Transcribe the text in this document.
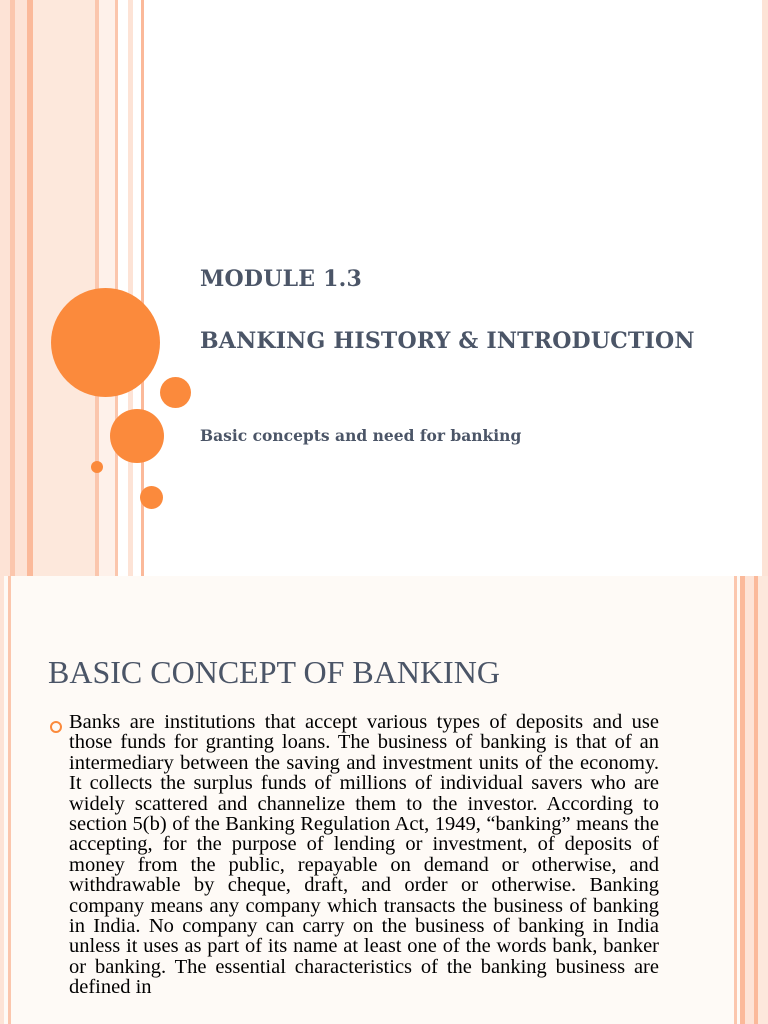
MODULE 1.3
BANKING HISTORY & INTRODUCTION

Basic concepts and need for banking

BASIC CONCEPT OF BANKING

Banks are institutions that accept various types of deposits and use those funds for granting loans. The business of banking is that of an intermediary between the saving and investment units of the economy. It collects the surplus funds of millions of individual savers who are widely scattered and channelize them to the investor. According to section 5(b) of the Banking Regulation Act, 1949, “banking” means the accepting, for the purpose of lending or investment, of deposits of money from the public, repayable on demand or otherwise, and withdrawable by cheque, draft, and order or otherwise. Banking company means any company which transacts the business of banking in India. No company can carry on the business of banking in India unless it uses as part of its name at least one of the words bank, banker or banking. The essential characteristics of the banking business are defined in
